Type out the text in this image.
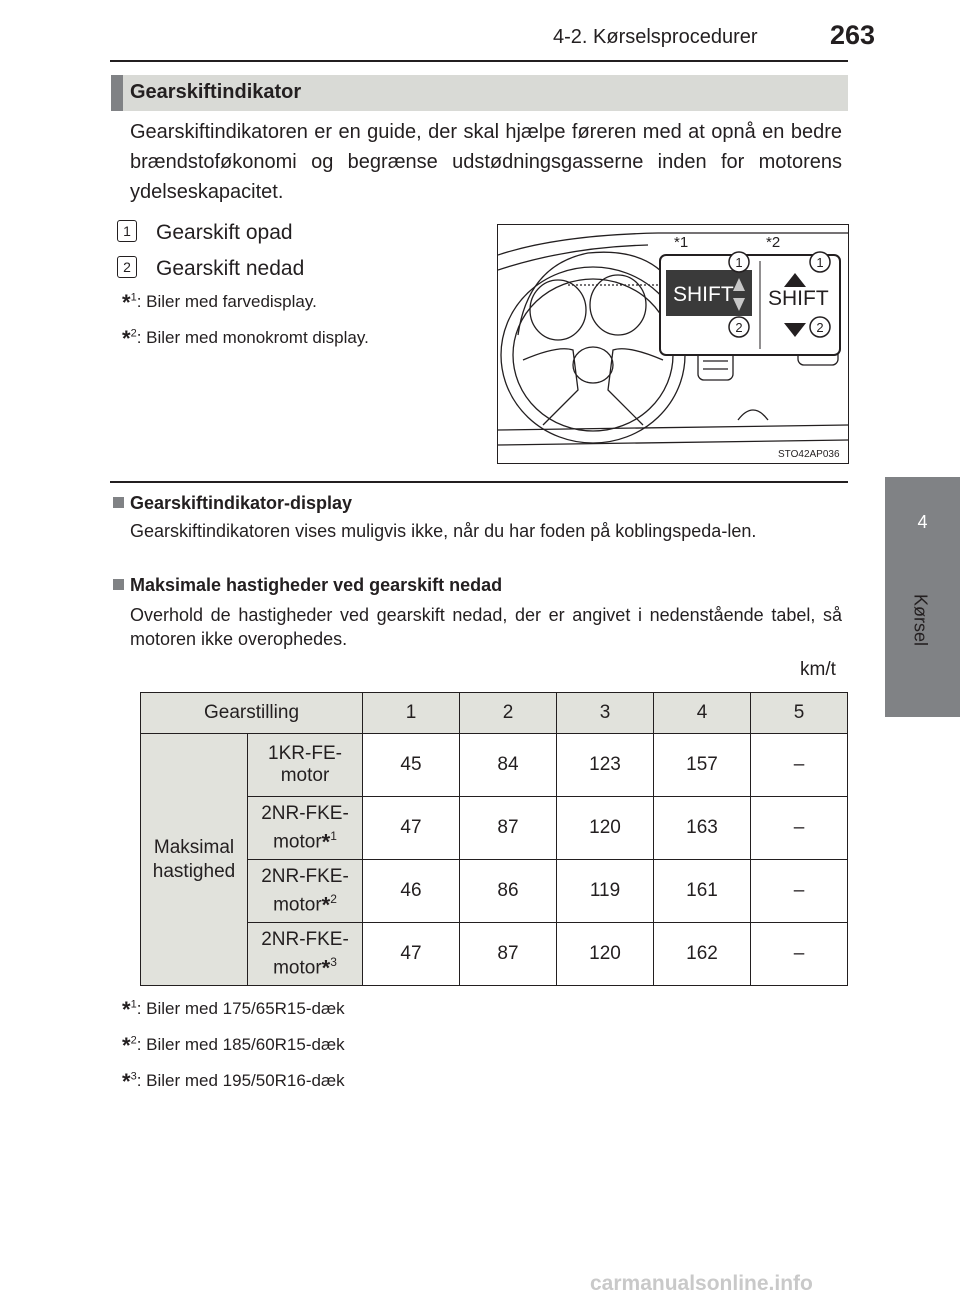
4-2. Kørselsprocedurer	263
4
Kørsel
Gearskiftindikator
Gearskiftindikatoren er en guide, der skal hjælpe føreren med at opnå en bedre brændstoføkonomi og begrænse udstødningsgasserne inden for motorens ydelseskapacitet.
1 Gearskift opad
2 Gearskift nedad
*$^1$: Biler med farvedisplay.
*$^2$: Biler med monokromt display.
SHIFT SHIFT
1
2
1
2
*1	*2
STO42AP036
Gearskiftindikator-display
Gearskiftindikatoren vises muligvis ikke, når du har foden på koblingspeda-len.
Maksimale hastigheder ved gearskift nedad
Overhold de hastigheder ved gearskift nedad, der er angivet i nedenstående tabel, så motoren ikke overophedes.
km/t
Gearstilling		1	2	3	4	5

Maksimal hastighed	1KR-FE-motor	45	84	123	157	–

	2NR-FKE-motor*$^1$	47	87	120	163	–

	2NR-FKE-motor*$^2$	46	86	119	161	–

	2NR-FKE-motor*$^3$	47	87	120	162	–
*$^1$: Biler med 175/65R15-dæk
*$^2$: Biler med 185/60R15-dæk
*$^3$: Biler med 195/50R16-dæk
carmanualsonline.info
